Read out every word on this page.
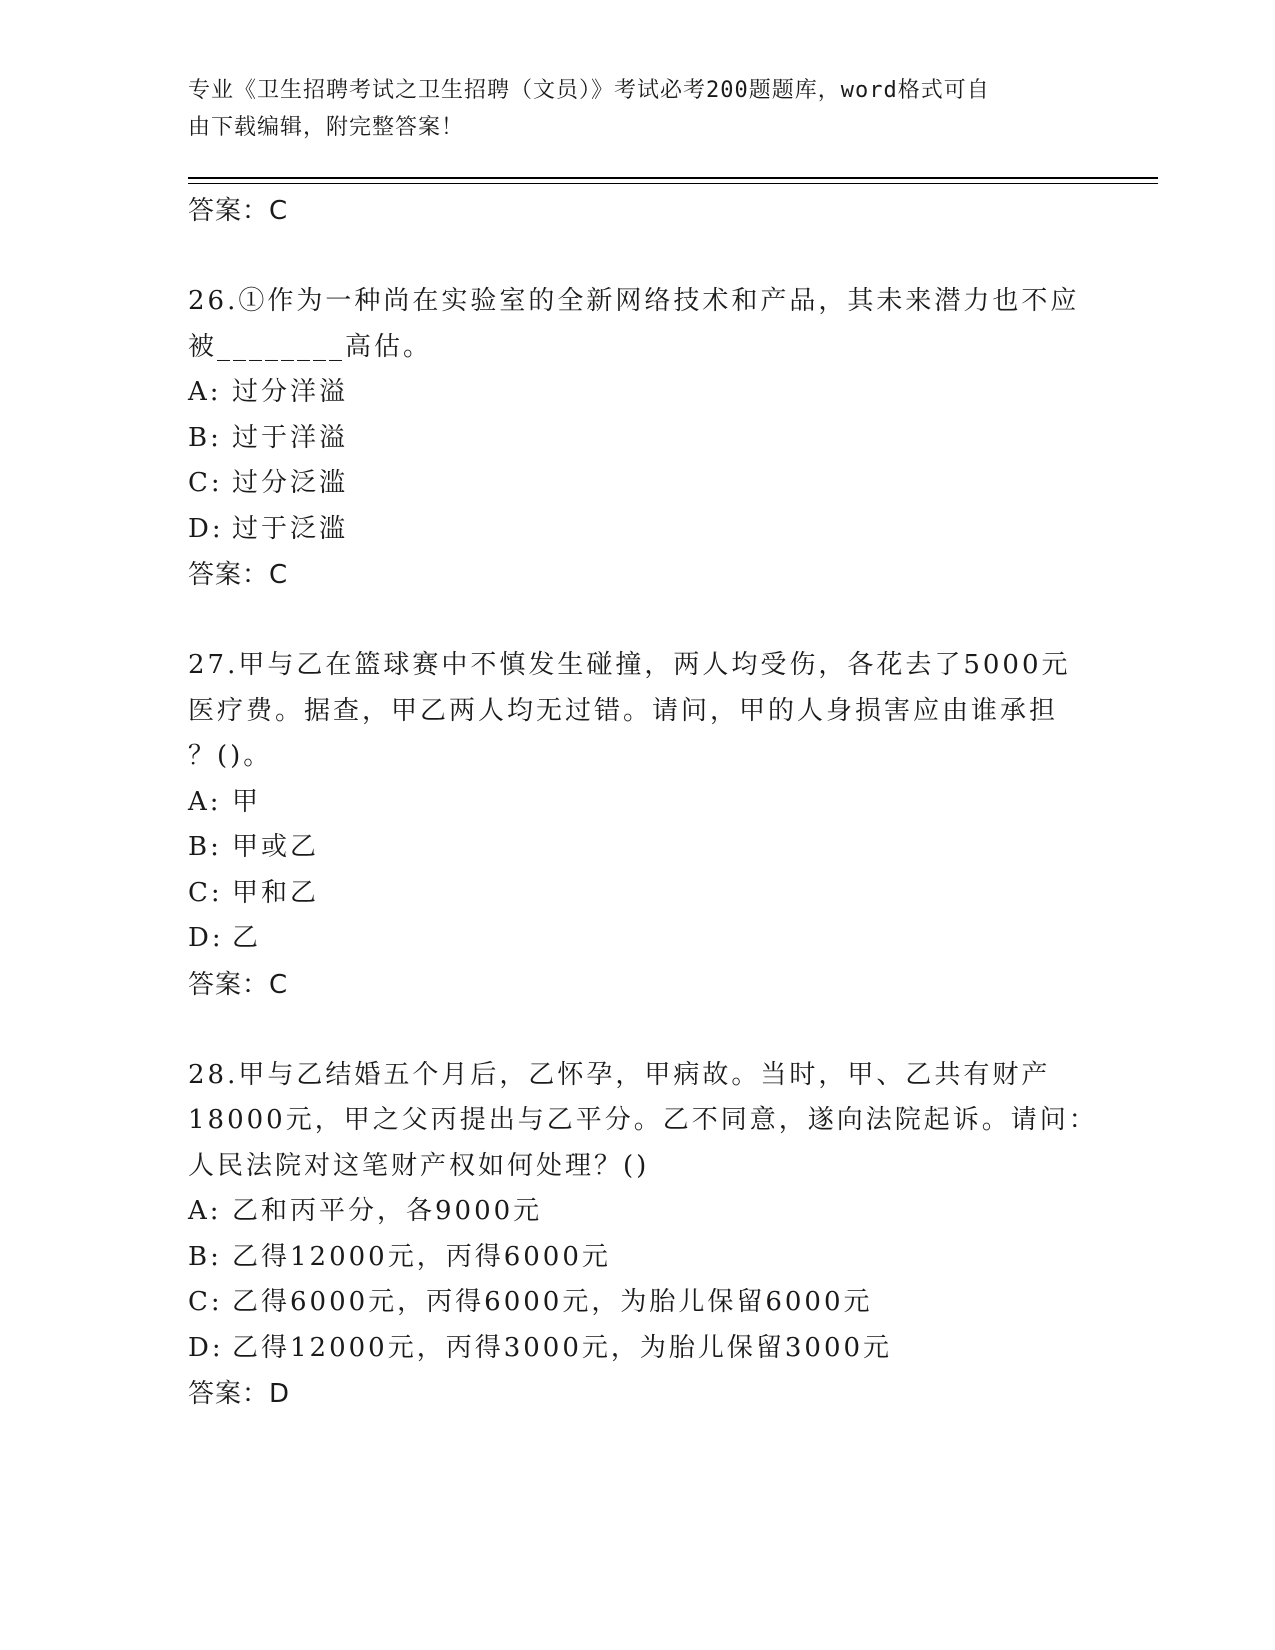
专业《卫生招聘考试之卫生招聘（文员）》考试必考200题题库，word格式可自
由下载编辑，附完整答案！
答案：C
26.①作为一种尚在实验室的全新网络技术和产品，其未来潜力也不应
被________高估。
A: 过分洋溢
B: 过于洋溢
C: 过分泛滥
D: 过于泛滥
答案：C
27.甲与乙在篮球赛中不慎发生碰撞，两人均受伤，各花去了5000元
医疗费。据查，甲乙两人均无过错。请问，甲的人身损害应由谁承担
？()。
A: 甲
B: 甲或乙
C: 甲和乙
D: 乙
答案：C
28.甲与乙结婚五个月后，乙怀孕，甲病故。当时，甲、乙共有财产
18000元，甲之父丙提出与乙平分。乙不同意，遂向法院起诉。请问：
人民法院对这笔财产权如何处理？()
A: 乙和丙平分，各9000元
B: 乙得12000元，丙得6000元
C: 乙得6000元，丙得6000元，为胎儿保留6000元
D: 乙得12000元，丙得3000元，为胎儿保留3000元
答案：D
